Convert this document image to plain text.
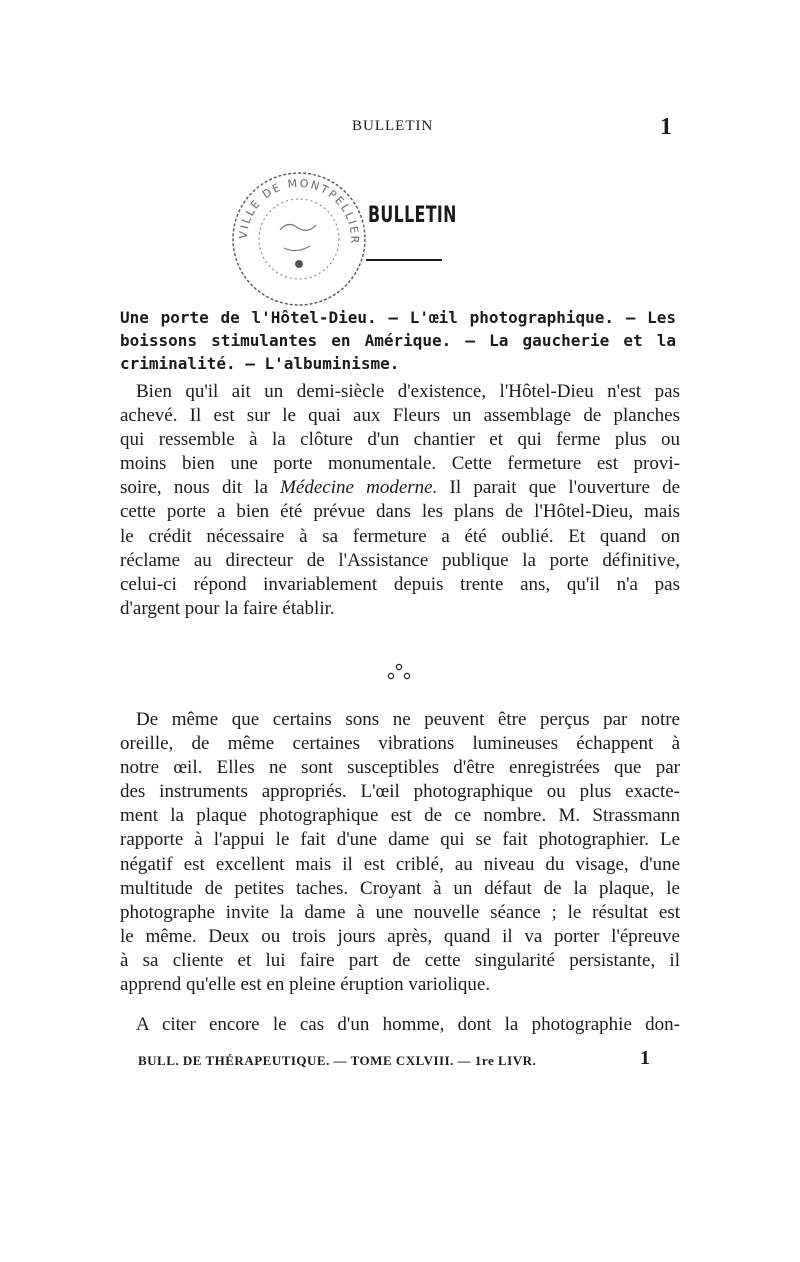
BULLETIN	1
VILLE DE MONTPELLIER
BULLETIN
Une porte de l'Hôtel-Dieu. — L'œil photographique. — Les
boissons stimulantes en Amérique. — La gaucherie et la
criminalité. — L'albuminisme.
Bien qu'il ait un demi-siècle d'existence, l'Hôtel-Dieu n'est pas
achevé. Il est sur le quai aux Fleurs un assemblage de planches
qui ressemble à la clôture d'un chantier et qui ferme plus ou
moins bien une porte monumentale. Cette fermeture est provi-
soire, nous dit la Médecine moderne. Il parait que l'ouverture de
cette porte a bien été prévue dans les plans de l'Hôtel-Dieu, mais
le crédit nécessaire à sa fermeture a été oublié. Et quand on
réclame au directeur de l'Assistance publique la porte définitive,
celui-ci répond invariablement depuis trente ans, qu'il n'a pas
d'argent pour la faire établir.
De même que certains sons ne peuvent être perçus par notre
oreille, de même certaines vibrations lumineuses échappent à
notre œil. Elles ne sont susceptibles d'être enregistrées que par
des instruments appropriés. L'œil photographique ou plus exacte-
ment la plaque photographique est de ce nombre. M. Strassmann
rapporte à l'appui le fait d'une dame qui se fait photographier. Le
négatif est excellent mais il est criblé, au niveau du visage, d'une
multitude de petites taches. Croyant à un défaut de la plaque, le
photographe invite la dame à une nouvelle séance ; le résultat est
le même. Deux ou trois jours après, quand il va porter l'épreuve
à sa cliente et lui faire part de cette singularité persistante, il
apprend qu'elle est en pleine éruption variolique.
A citer encore le cas d'un homme, dont la photographie don-
BULL. DE THÉRAPEUTIQUE. — TOME CXLVIII. — 1re LIVR.	1
